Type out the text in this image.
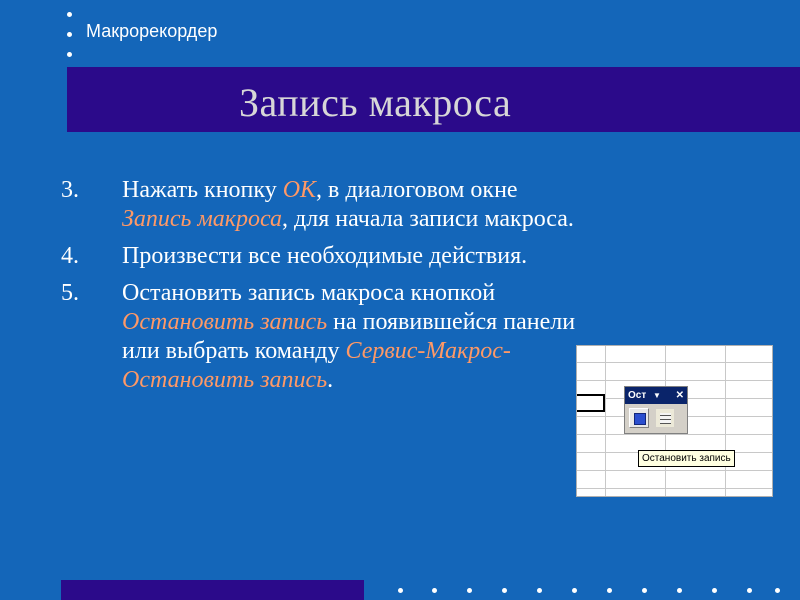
Макрорекордер
Запись макроса
3. Нажать кнопку OK, в диалоговом окне Запись макроса, для начала записи макроса.
4. Произвести все необходимые действия.
5. Остановить запись макроса кнопкой Остановить запись на появившейся панели или выбрать команду Сервис-Макрос-Остановить запись.
Ост ▼ ✕
Остановить запись
